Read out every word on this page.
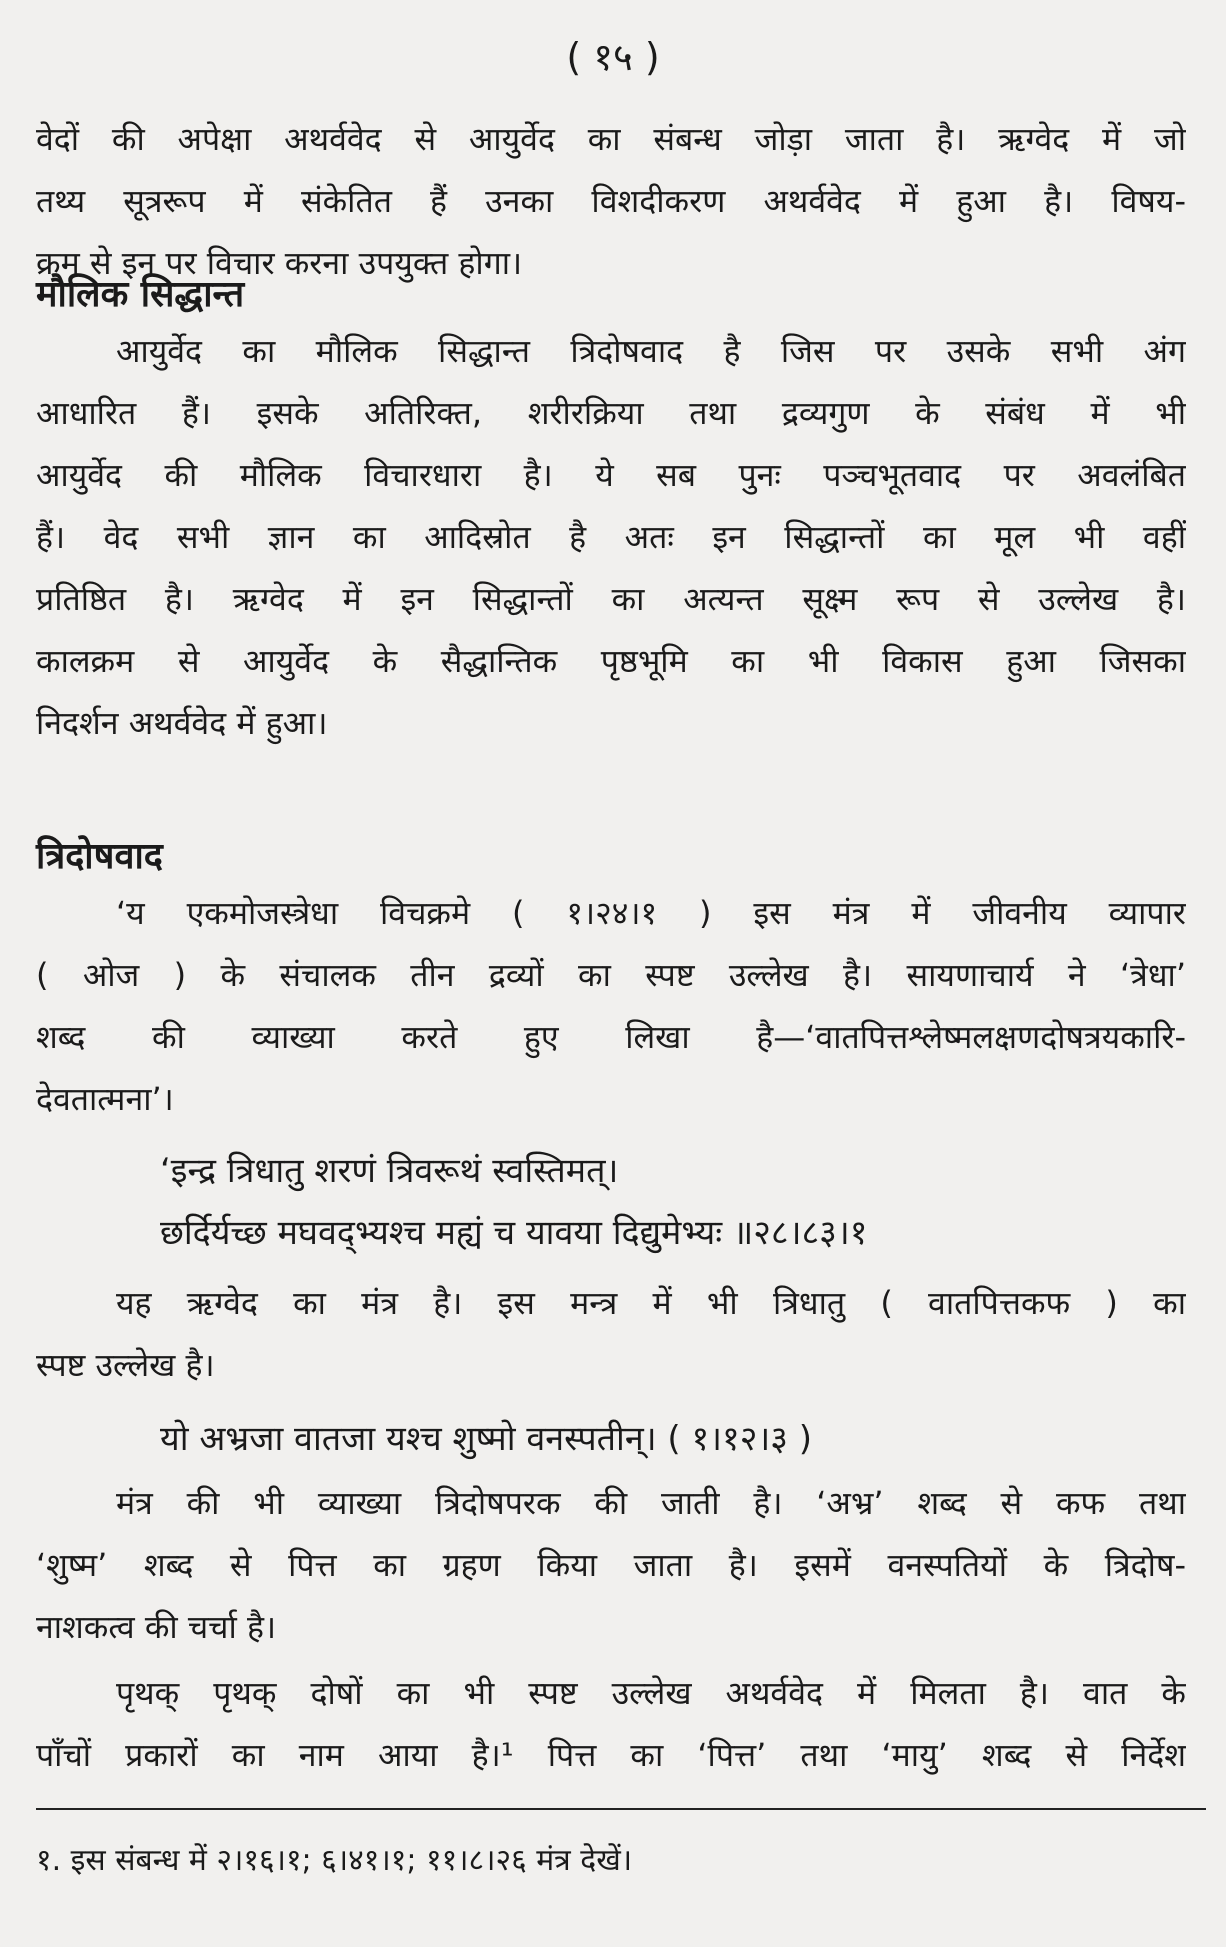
( १५ )
वेदों की अपेक्षा अथर्ववेद से आयुर्वेद का संबन्ध जोड़ा जाता है। ऋग्वेद में जो
तथ्य सूत्ररूप में संकेतित हैं उनका विशदीकरण अथर्ववेद में हुआ है। विषय-
क्रम से इन पर विचार करना उपयुक्त होगा।
मौलिक सिद्धान्त
आयुर्वेद का मौलिक सिद्धान्त त्रिदोषवाद है जिस पर उसके सभी अंग
आधारित हैं। इसके अतिरिक्त, शरीरक्रिया तथा द्रव्यगुण के संबंध में भी
आयुर्वेद की मौलिक विचारधारा है। ये सब पुनः पञ्चभूतवाद पर अवलंबित
हैं। वेद सभी ज्ञान का आदिस्रोत है अतः इन सिद्धान्तों का मूल भी वहीं
प्रतिष्ठित है। ऋग्वेद में इन सिद्धान्तों का अत्यन्त सूक्ष्म रूप से उल्लेख है।
कालक्रम से आयुर्वेद के सैद्धान्तिक पृष्ठभूमि का भी विकास हुआ जिसका
निदर्शन अथर्ववेद में हुआ।
त्रिदोषवाद
‘य एकमोजस्त्रेधा विचक्रमे ( १।२४।१ ) इस मंत्र में जीवनीय व्यापार
( ओज ) के संचालक तीन द्रव्यों का स्पष्ट उल्लेख है। सायणाचार्य ने ‘त्रेधा’
शब्द की व्याख्या करते हुए लिखा है—‘वातपित्तश्लेष्मलक्षणदोषत्रयकारि-
देवतात्मना’।
‘इन्द्र त्रिधातु शरणं त्रिवरूथं स्वस्तिमत्।
छर्दिर्यच्छ मघवद्भ्यश्च मह्यं च यावया दिद्युमेभ्यः ॥२८।८३।१
यह ऋग्वेद का मंत्र है। इस मन्त्र में भी त्रिधातु ( वातपित्तकफ ) का
स्पष्ट उल्लेख है।
यो अभ्रजा वातजा यश्च शुष्मो वनस्पतीन्। ( १।१२।३ )
मंत्र की भी व्याख्या त्रिदोषपरक की जाती है। ‘अभ्र’ शब्द से कफ तथा
‘शुष्म’ शब्द से पित्त का ग्रहण किया जाता है। इसमें वनस्पतियों के त्रिदोष-
नाशकत्व की चर्चा है।
पृथक् पृथक् दोषों का भी स्पष्ट उल्लेख अथर्ववेद में मिलता है। वात के
पाँचों प्रकारों का नाम आया है।¹ पित्त का ‘पित्त’ तथा ‘मायु’ शब्द से निर्देश
१. इस संबन्ध में २।१६।१; ६।४१।१; ११।८।२६ मंत्र देखें।
